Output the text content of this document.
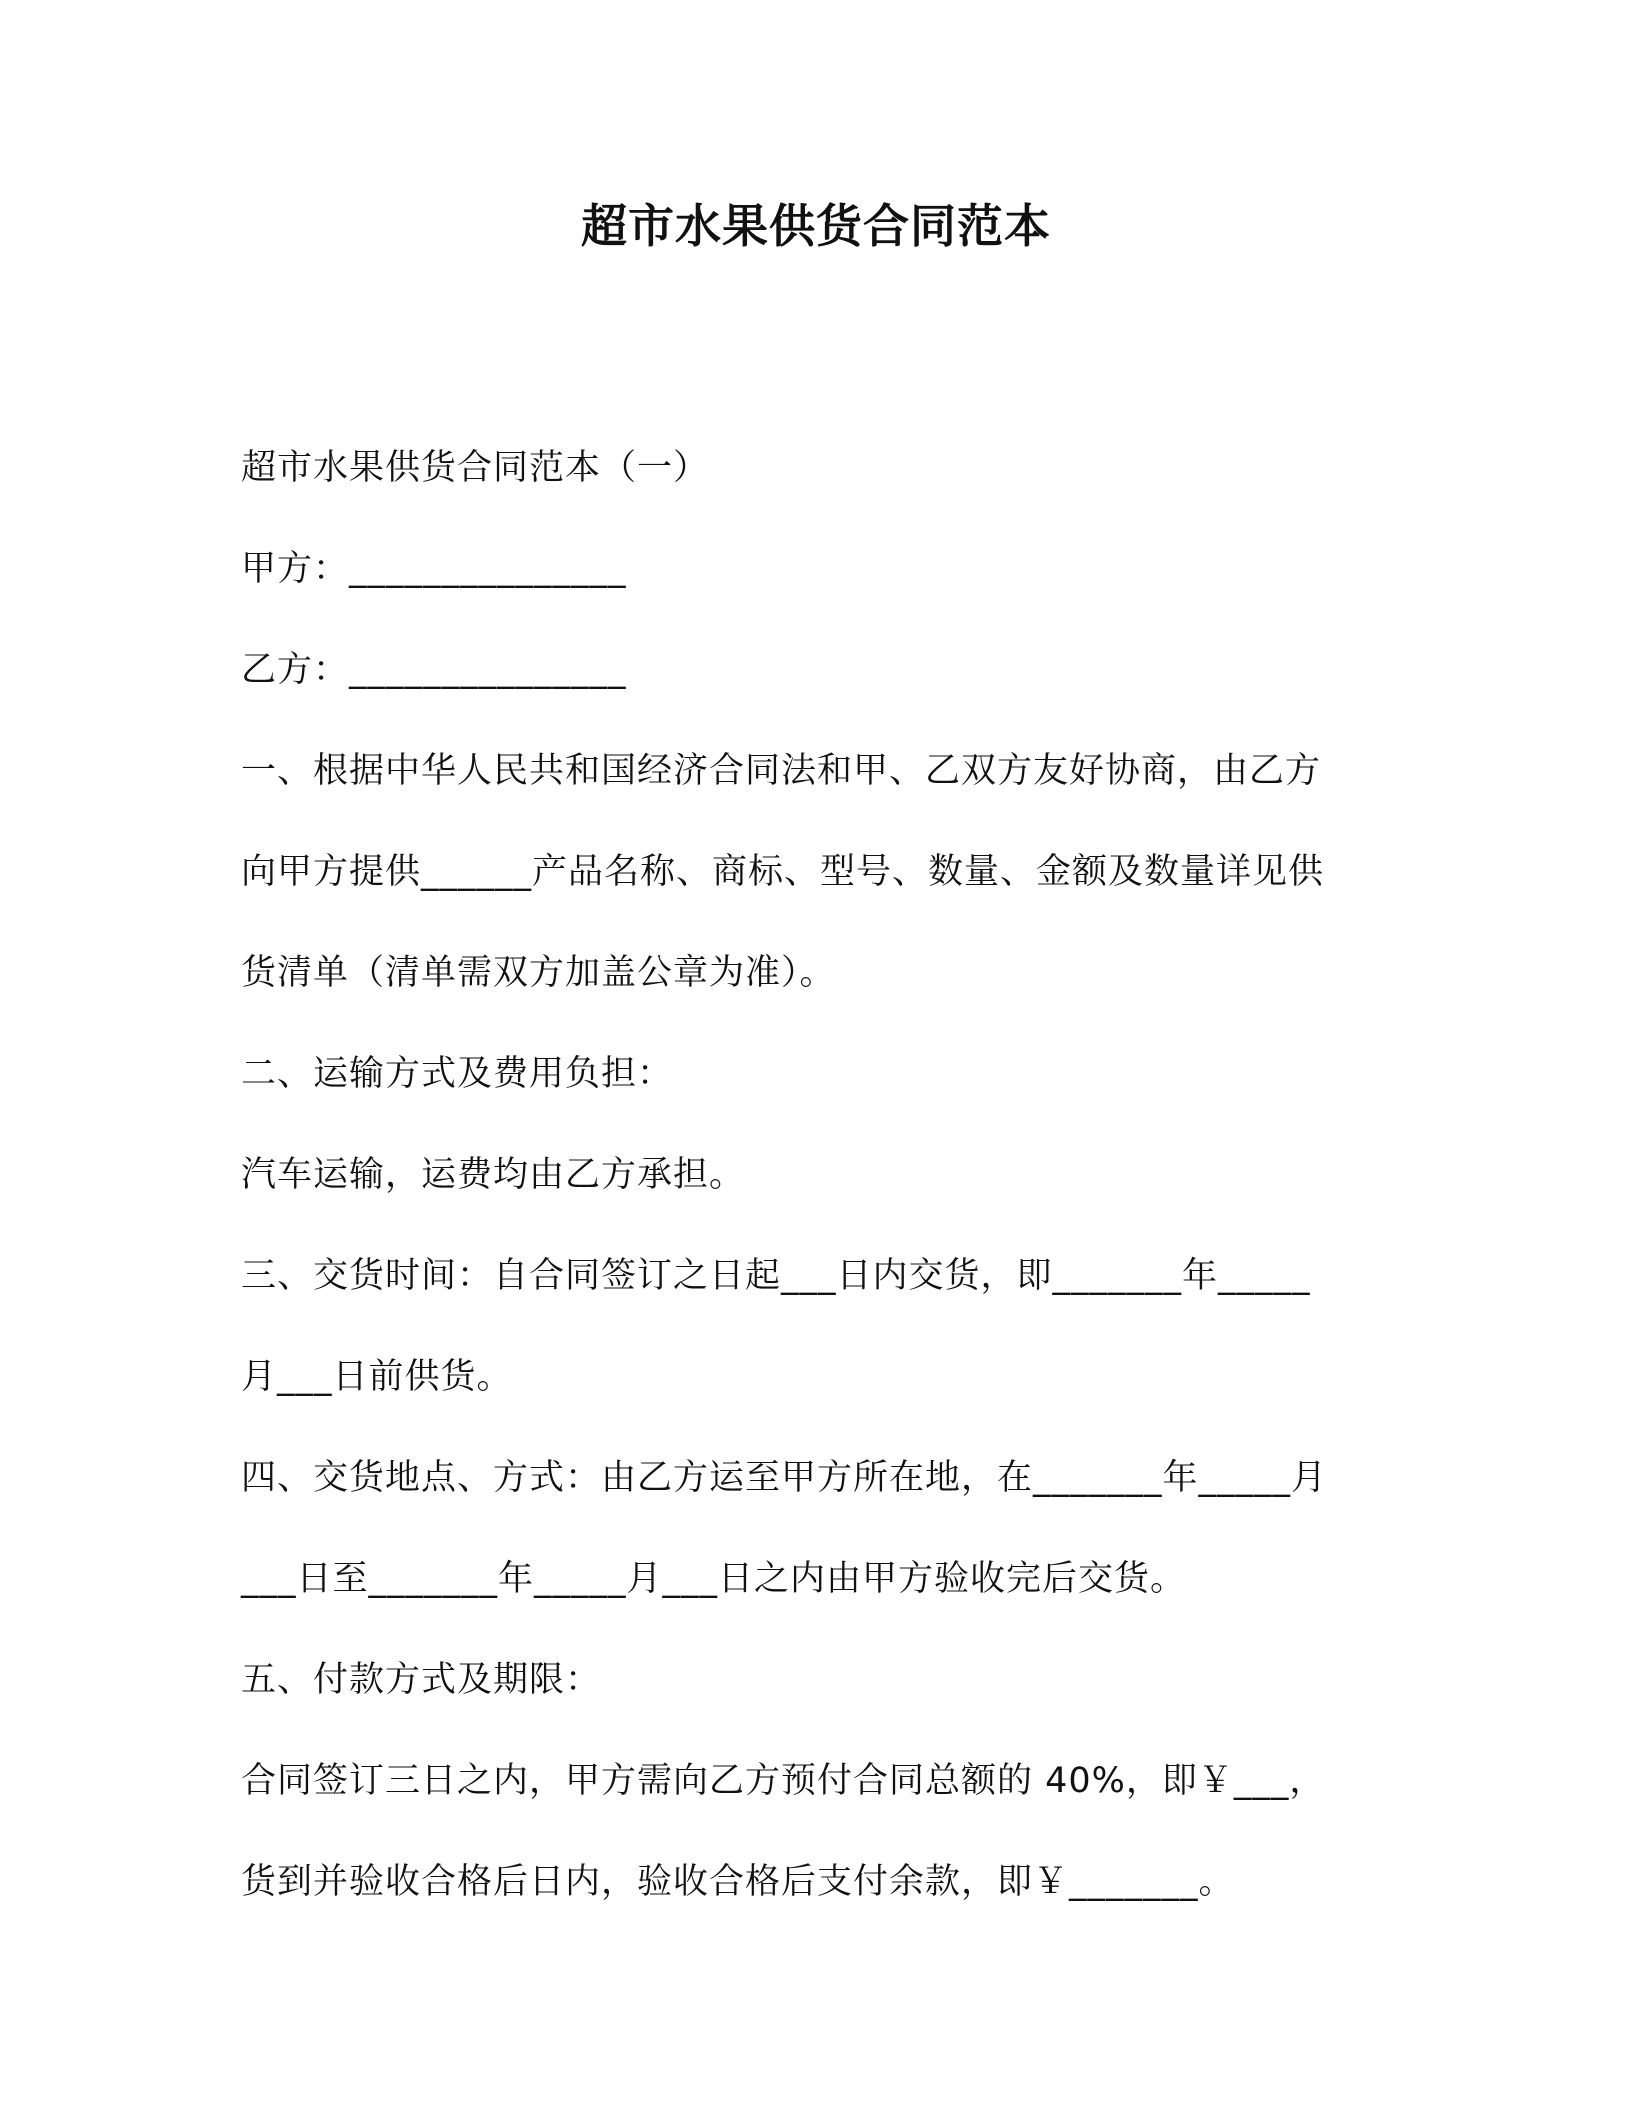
超市水果供货合同范本
超市水果供货合同范本（一）
甲方：_______________
乙方：_______________
一、根据中华人民共和国经济合同法和甲、乙双方友好协商，由乙方
向甲方提供______产品名称、商标、型号、数量、金额及数量详见供
货清单（清单需双方加盖公章为准）。
二、运输方式及费用负担：
汽车运输，运费均由乙方承担。
三、交货时间：自合同签订之日起___日内交货，即_______年_____
月___日前供货。
四、交货地点、方式：由乙方运至甲方所在地，在_______年_____月
___日至_______年_____月___日之内由甲方验收完后交货。
五、付款方式及期限：
合同签订三日之内，甲方需向乙方预付合同总额的 40%，即￥___，
货到并验收合格后日内，验收合格后支付余款，即￥_______。
